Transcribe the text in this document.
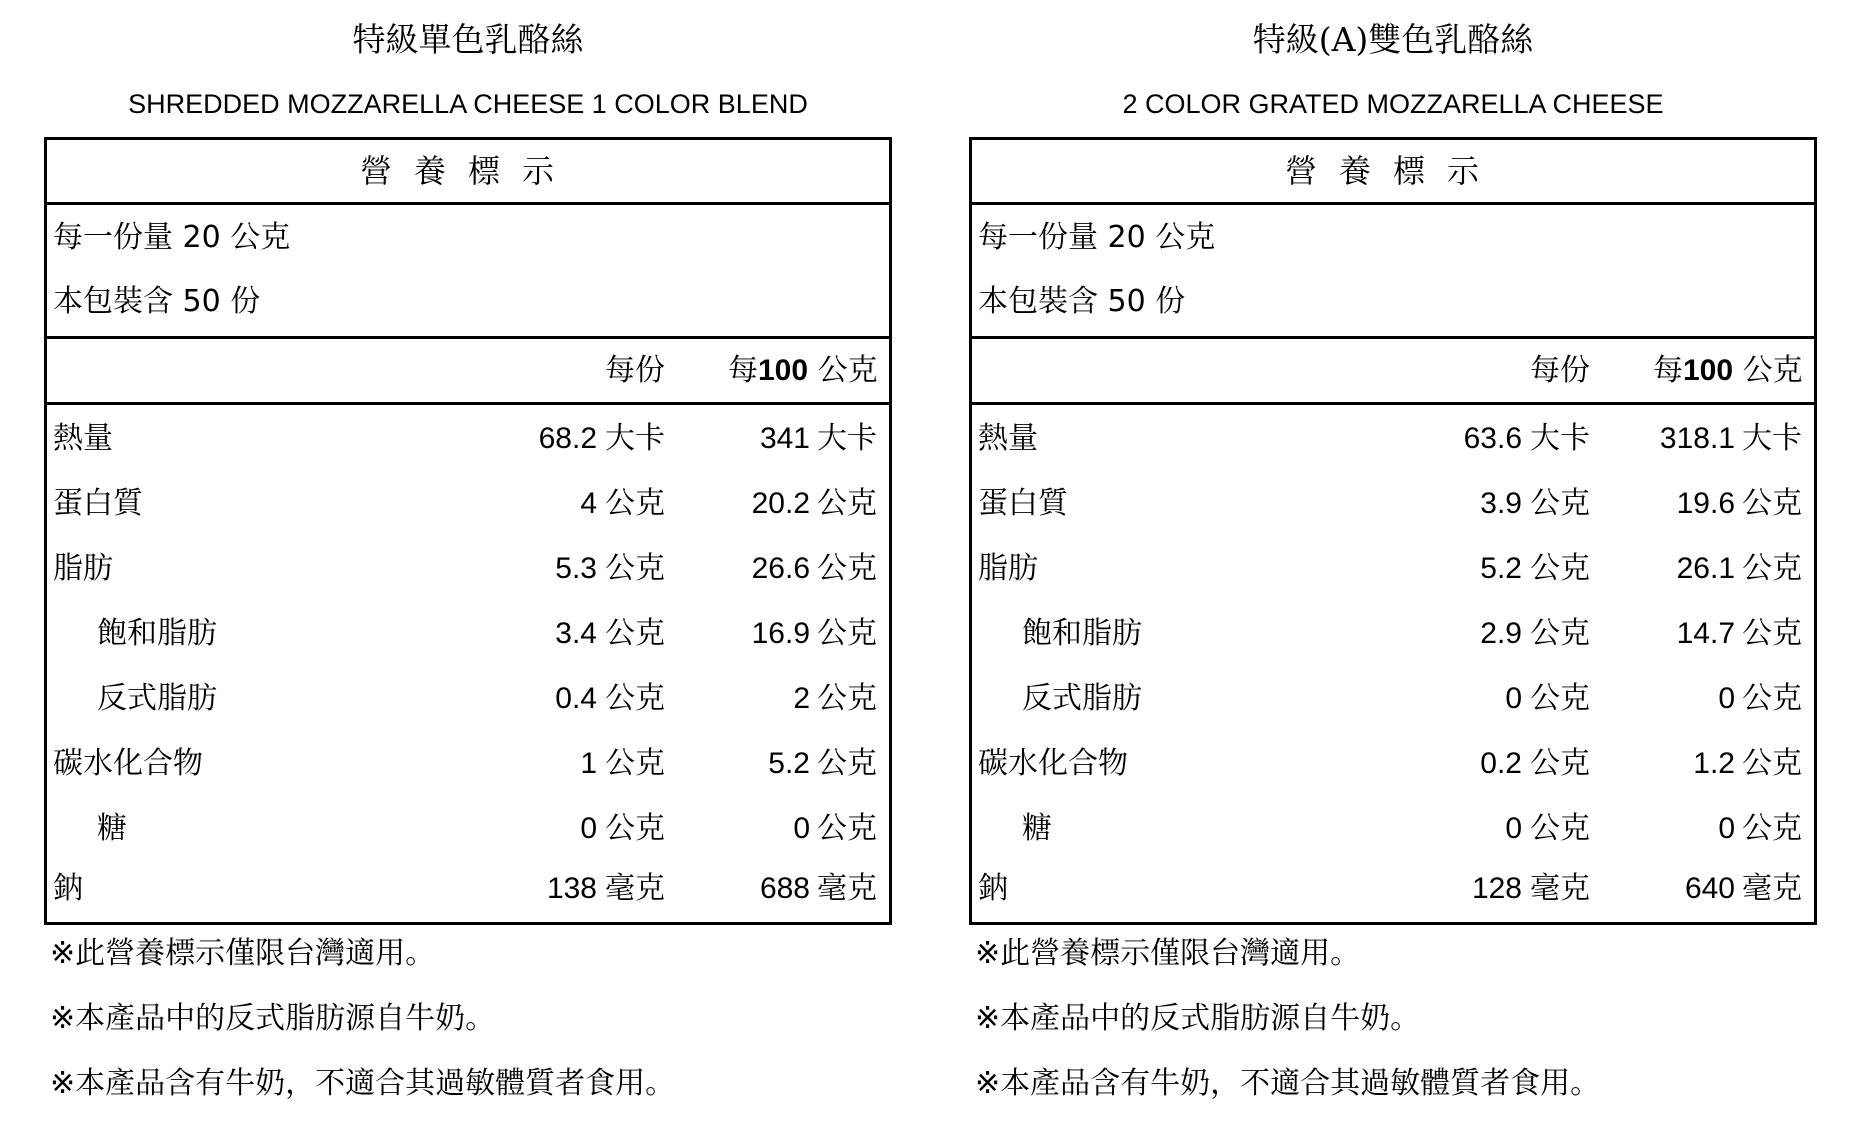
特級單色乳酪絲
SHREDDED MOZZARELLA CHEESE 1 COLOR BLEND
營養標示
每一份量 20 公克
本包裝含 50 份
每份 每100 公克
熱量	68.2 大卡	341 大卡
蛋白質	4 公克	20.2 公克
脂肪	5.3 公克	26.6 公克
飽和脂肪	3.4 公克	16.9 公克
反式脂肪	0.4 公克	2 公克
碳水化合物	1 公克	5.2 公克
糖	0 公克	0 公克
鈉	138 毫克	688 毫克
※此營養標示僅限台灣適用。
※本產品中的反式脂肪源自牛奶。
※本產品含有牛奶，不適合其過敏體質者食用。
特級(A)雙色乳酪絲
2 COLOR GRATED MOZZARELLA CHEESE
營養標示
每一份量 20 公克
本包裝含 50 份
每份 每100 公克
熱量	63.6 大卡	318.1 大卡
蛋白質	3.9 公克	19.6 公克
脂肪	5.2 公克	26.1 公克
飽和脂肪	2.9 公克	14.7 公克
反式脂肪	0 公克	0 公克
碳水化合物	0.2 公克	1.2 公克
糖	0 公克	0 公克
鈉	128 毫克	640 毫克
※此營養標示僅限台灣適用。
※本產品中的反式脂肪源自牛奶。
※本產品含有牛奶，不適合其過敏體質者食用。
